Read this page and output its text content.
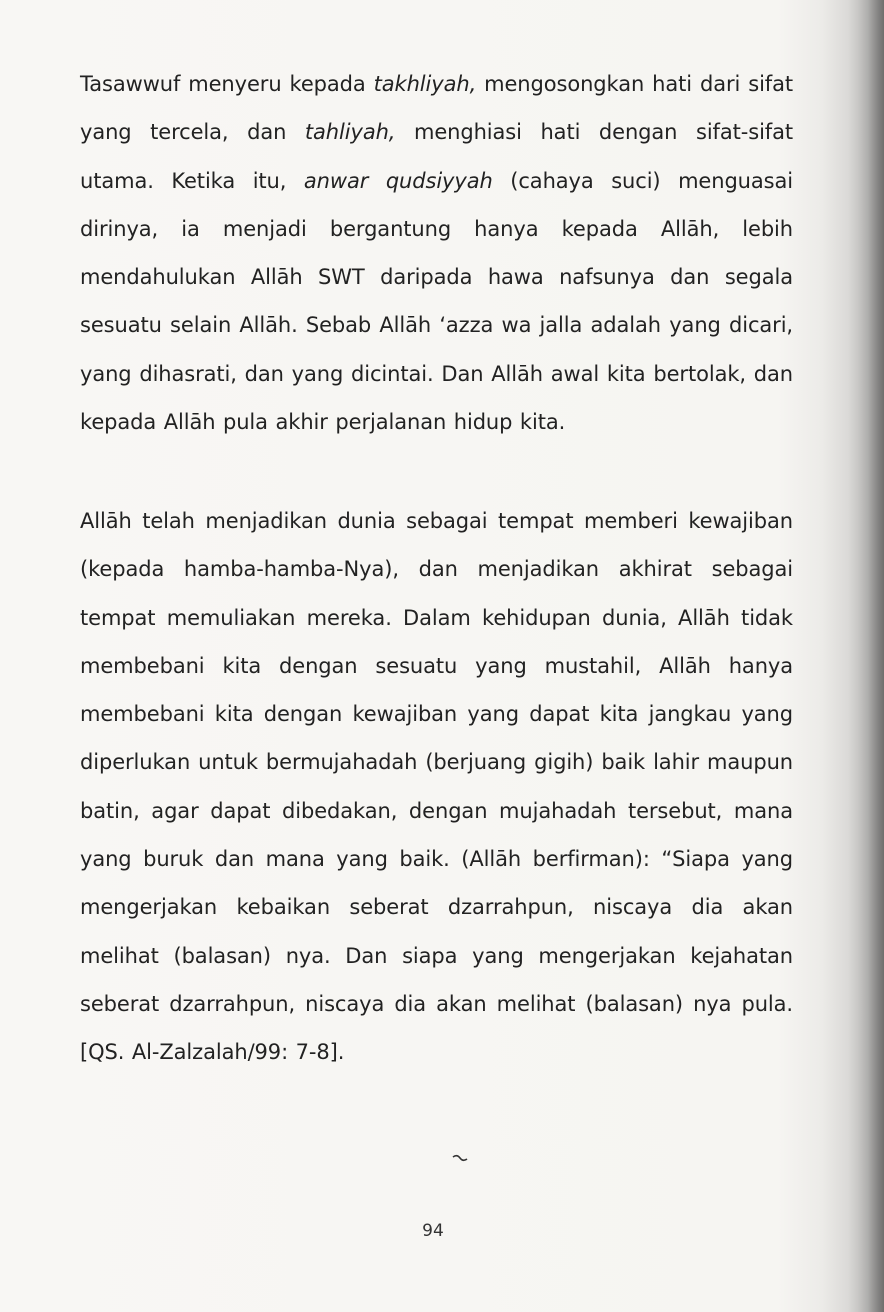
Tasawwuf menyeru kepada takhliyah, mengosongkan hati dari sifat yang tercela, dan tahliyah, menghiasi hati dengan sifat-sifat utama. Ketika itu, anwar qudsiyyah (cahaya suci) menguasai dirinya, ia menjadi bergantung hanya kepada Allāh, lebih mendahulukan Allāh SWT daripada hawa nafsunya dan segala sesuatu selain Allāh. Sebab Allāh ‘azza wa jalla adalah yang dicari, yang dihasrati, dan yang dicintai. Dan Allāh awal kita bertolak, dan kepada Allāh pula akhir perjalanan hidup kita.

Allāh telah menjadikan dunia sebagai tempat memberi kewajiban (kepada hamba-hamba-Nya), dan menjadikan akhirat sebagai tempat memuliakan mereka. Dalam kehidupan dunia, Allāh tidak membebani kita dengan sesuatu yang mustahil, Allāh hanya membebani kita dengan kewajiban yang dapat kita jangkau yang diperlukan untuk bermujahadah (berjuang gigih) baik lahir maupun batin, agar dapat dibedakan, dengan mujahadah tersebut, mana yang buruk dan mana yang baik. (Allāh berfirman): “Siapa yang mengerjakan kebaikan seberat dzarrahpun, niscaya dia akan melihat (balasan) nya. Dan siapa yang mengerjakan kejahatan seberat dzarrahpun, niscaya dia akan melihat (balasan) nya pula. [QS. Al-Zalzalah/99: 7-8].

94
